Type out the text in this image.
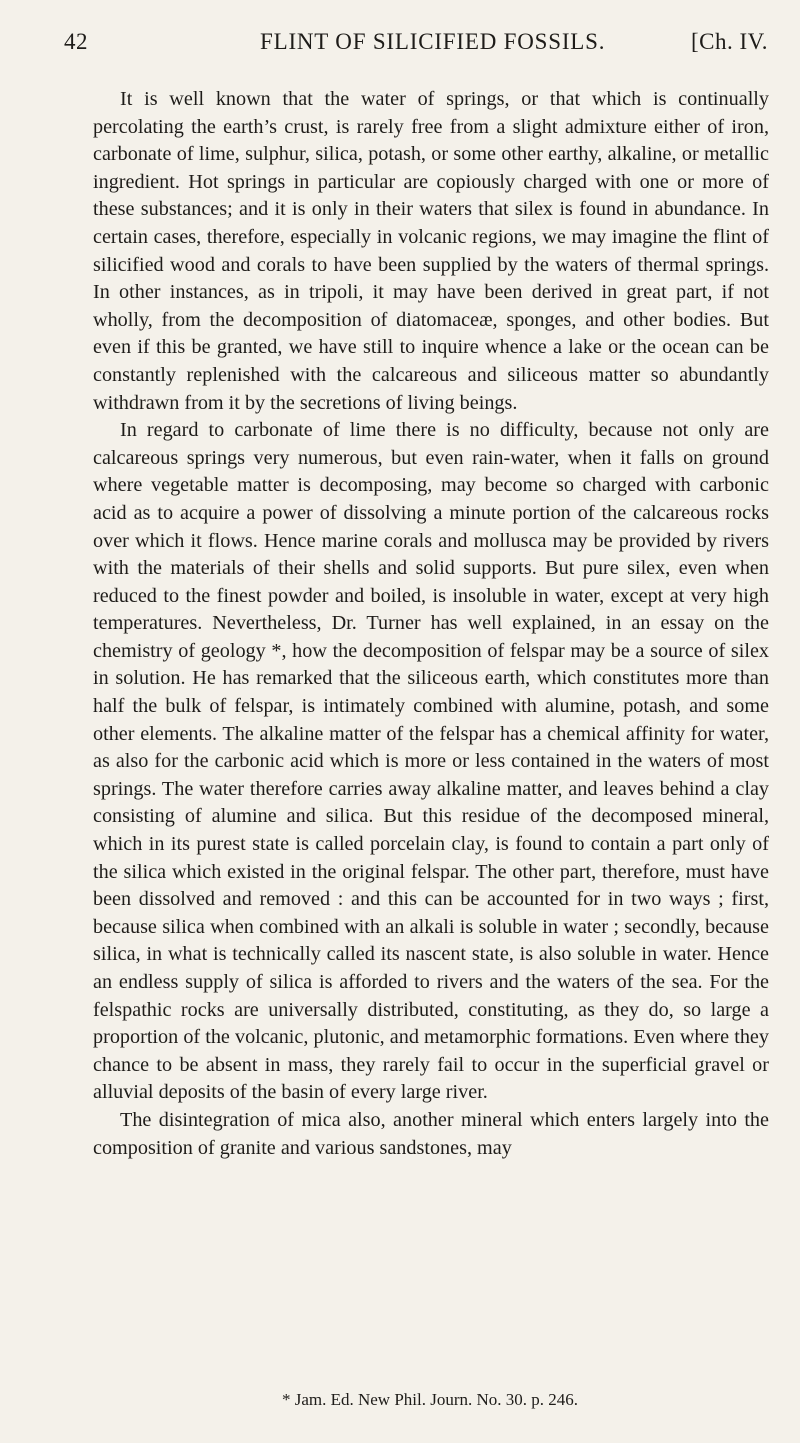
42	FLINT OF SILICIFIED FOSSILS.	[Ch. IV.

It is well known that the water of springs, or that which is continually percolating the earth’s crust, is rarely free from a slight admixture either of iron, carbonate of lime, sulphur, silica, potash, or some other earthy, alkaline, or metallic ingredient. Hot springs in particular are copiously charged with one or more of these substances; and it is only in their waters that silex is found in abundance. In certain cases, therefore, especially in volcanic regions, we may imagine the flint of silicified wood and corals to have been supplied by the waters of thermal springs. In other instances, as in tripoli, it may have been derived in great part, if not wholly, from the decomposition of diatomaceæ, sponges, and other bodies. But even if this be granted, we have still to inquire whence a lake or the ocean can be constantly replenished with the calcareous and siliceous matter so abundantly withdrawn from it by the secretions of living beings.

In regard to carbonate of lime there is no difficulty, because not only are calcareous springs very numerous, but even rain-water, when it falls on ground where vegetable matter is decomposing, may become so charged with carbonic acid as to acquire a power of dissolving a minute portion of the calcareous rocks over which it flows. Hence marine corals and mollusca may be provided by rivers with the materials of their shells and solid supports. But pure silex, even when reduced to the finest powder and boiled, is insoluble in water, except at very high temperatures. Nevertheless, Dr. Turner has well explained, in an essay on the chemistry of geology *, how the decomposition of felspar may be a source of silex in solution. He has remarked that the siliceous earth, which constitutes more than half the bulk of felspar, is intimately combined with alumine, potash, and some other elements. The alkaline matter of the felspar has a chemical affinity for water, as also for the carbonic acid which is more or less contained in the waters of most springs. The water therefore carries away alkaline matter, and leaves behind a clay consisting of alumine and silica. But this residue of the decomposed mineral, which in its purest state is called porcelain clay, is found to contain a part only of the silica which existed in the original felspar. The other part, therefore, must have been dissolved and removed : and this can be accounted for in two ways ; first, because silica when combined with an alkali is soluble in water ; secondly, because silica, in what is technically called its nascent state, is also soluble in water. Hence an endless supply of silica is afforded to rivers and the waters of the sea. For the felspathic rocks are universally distributed, constituting, as they do, so large a proportion of the volcanic, plutonic, and metamorphic formations. Even where they chance to be absent in mass, they rarely fail to occur in the superficial gravel or alluvial deposits of the basin of every large river.

The disintegration of mica also, another mineral which enters largely into the composition of granite and various sandstones, may

* Jam. Ed. New Phil. Journ. No. 30. p. 246.
